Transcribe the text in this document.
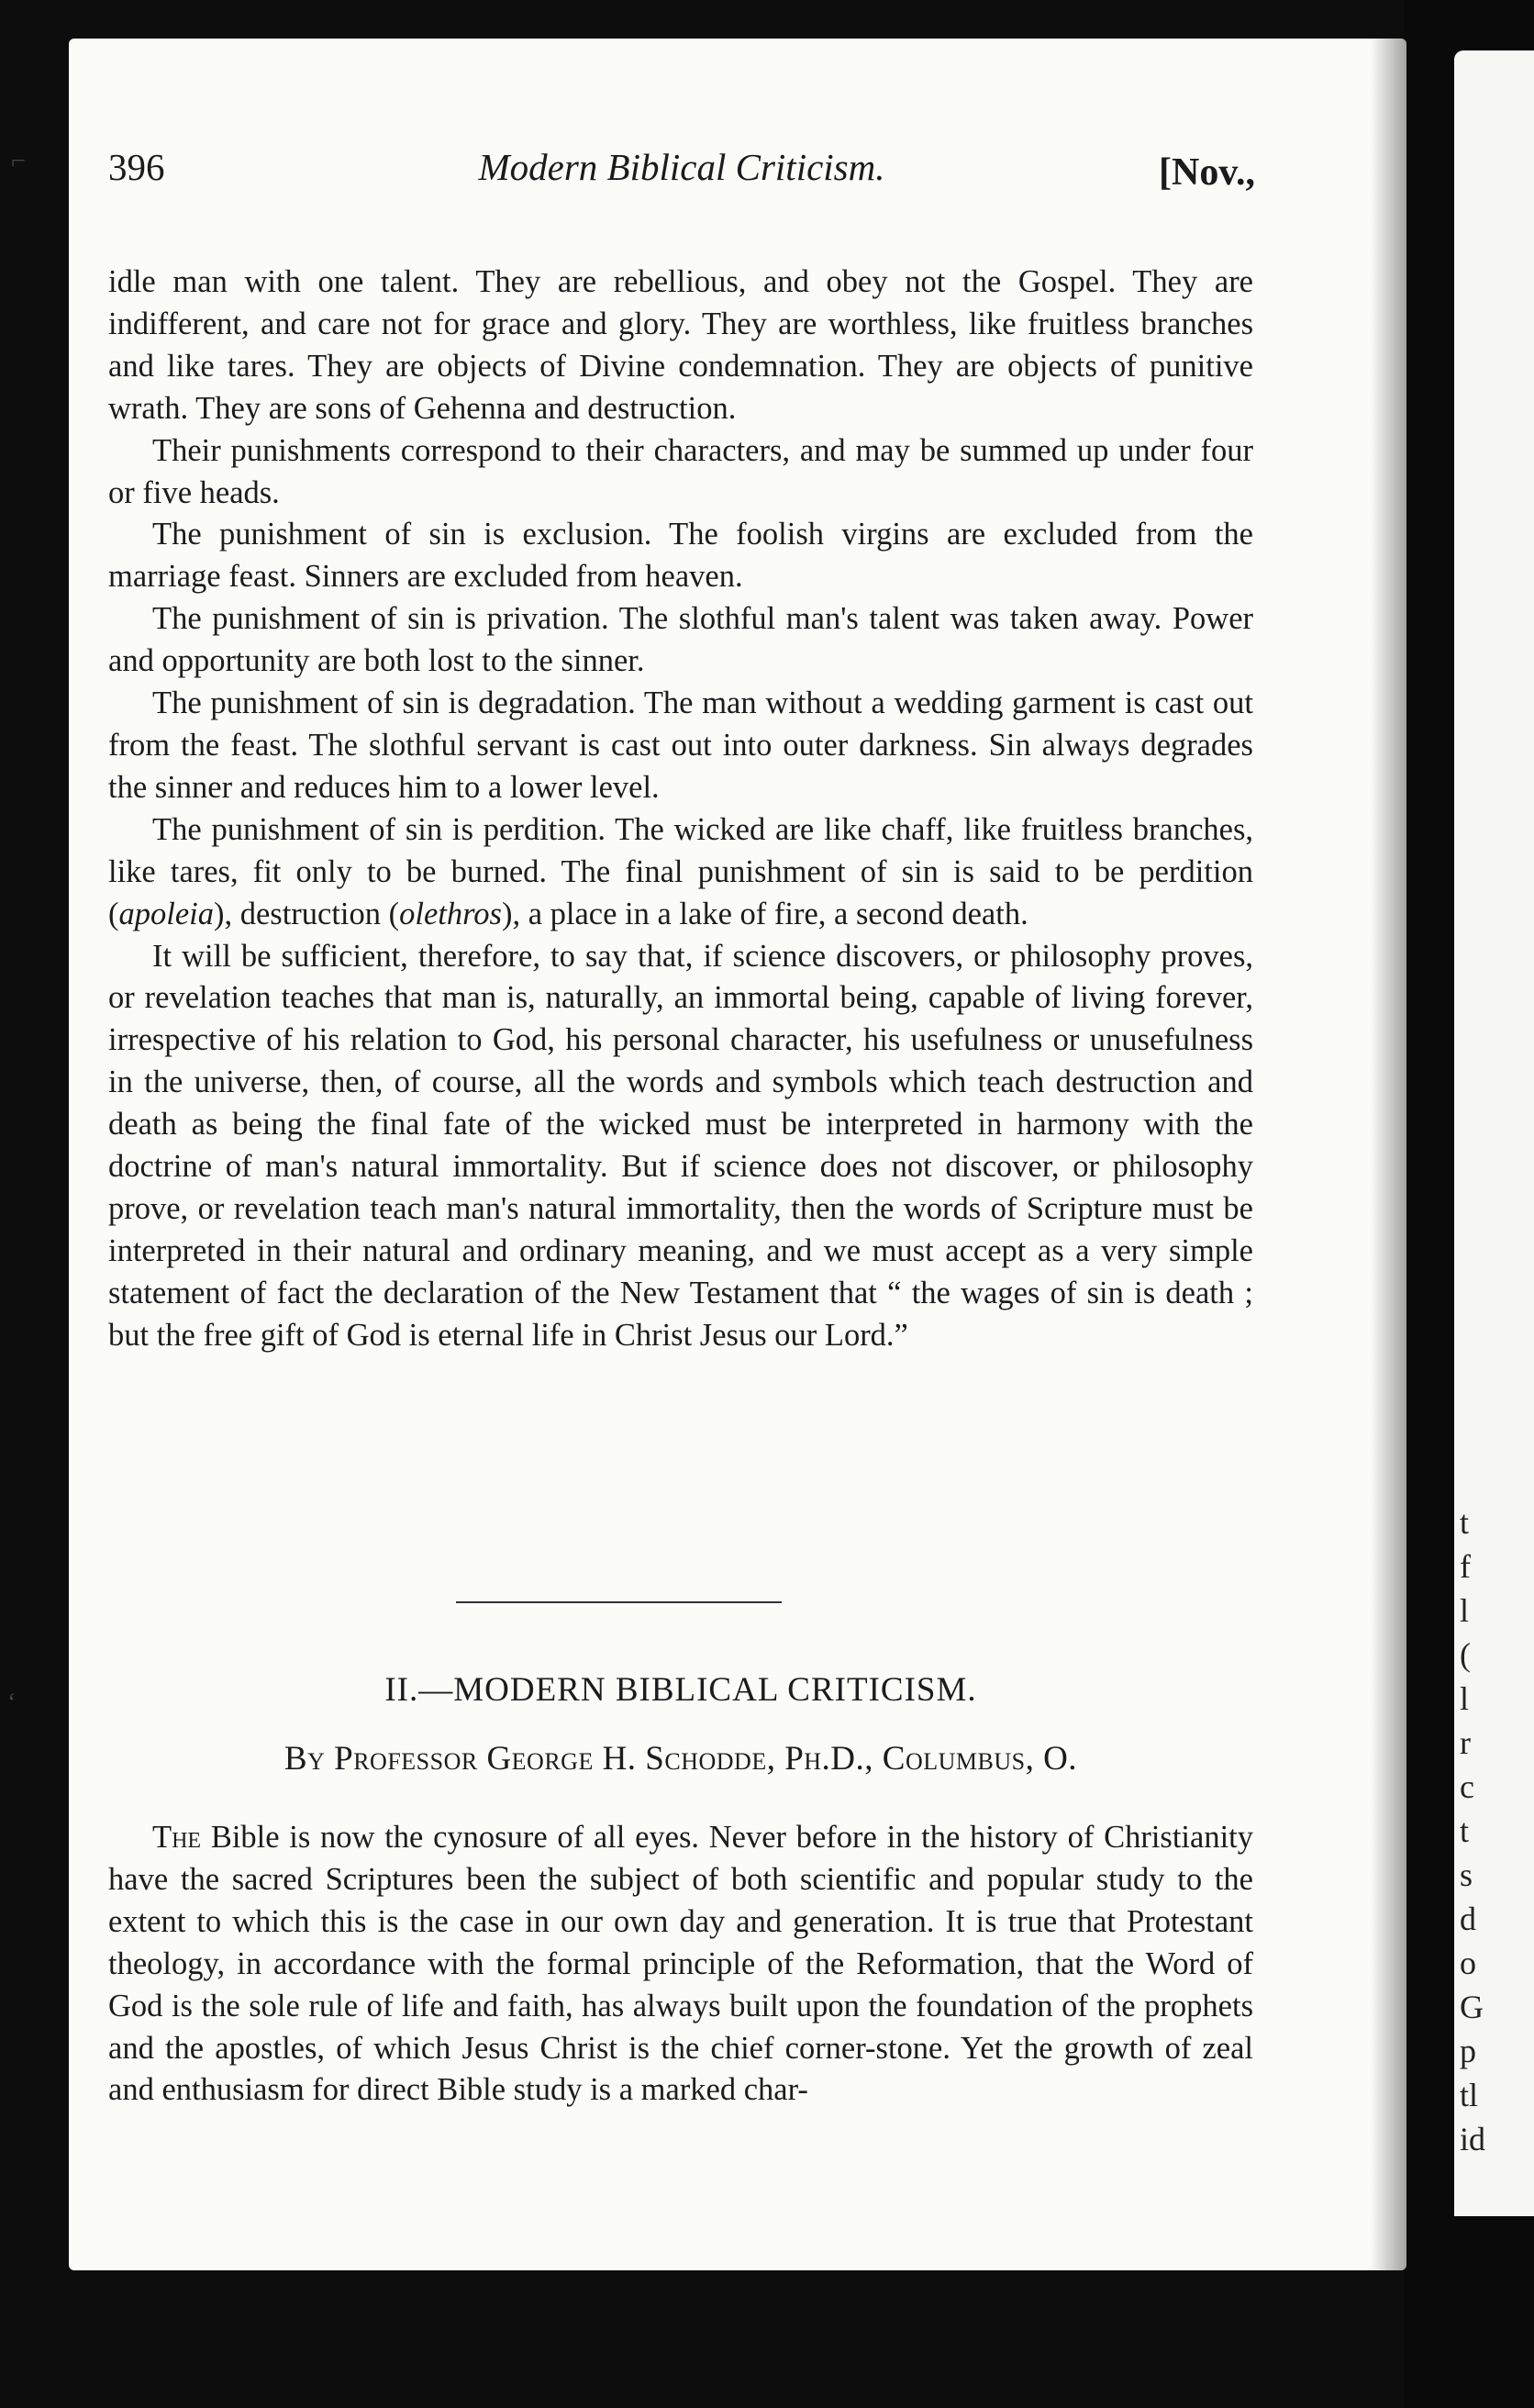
t
f
l
(
l
r
c
t
s
d
o
G
p
tl
id
⌐
ʻ
396	Modern Biblical Criticism.	[Nov.,

idle man with one talent. They are rebellious, and obey not the Gospel. They are indifferent, and care not for grace and glory. They are worthless, like fruitless branches and like tares. They are objects of Divine condemnation. They are objects of punitive wrath. They are sons of Gehenna and destruction.

Their punishments correspond to their characters, and may be summed up under four or five heads.

The punishment of sin is exclusion. The foolish virgins are excluded from the marriage feast. Sinners are excluded from heaven.

The punishment of sin is privation. The slothful man's talent was taken away. Power and opportunity are both lost to the sinner.

The punishment of sin is degradation. The man without a wedding garment is cast out from the feast. The slothful servant is cast out into outer darkness. Sin always degrades the sinner and reduces him to a lower level.

The punishment of sin is perdition. The wicked are like chaff, like fruitless branches, like tares, fit only to be burned. The final punishment of sin is said to be perdition (apoleia), destruction (olethros), a place in a lake of fire, a second death.

It will be sufficient, therefore, to say that, if science discovers, or philosophy proves, or revelation teaches that man is, naturally, an immortal being, capable of living forever, irrespective of his relation to God, his personal character, his usefulness or unusefulness in the universe, then, of course, all the words and symbols which teach destruction and death as being the final fate of the wicked must be interpreted in harmony with the doctrine of man's natural immortality. But if science does not discover, or philosophy prove, or revelation teach man's natural immortality, then the words of Scripture must be interpreted in their natural and ordinary meaning, and we must accept as a very simple statement of fact the declaration of the New Testament that “ the wages of sin is death ; but the free gift of God is eternal life in Christ Jesus our Lord.”

II.—MODERN BIBLICAL CRITICISM.
By Professor George H. Schodde, Ph.D., Columbus, O.

The Bible is now the cynosure of all eyes. Never before in the history of Christianity have the sacred Scriptures been the subject of both scientific and popular study to the extent to which this is the case in our own day and generation. It is true that Protestant theology, in accordance with the formal principle of the Reformation, that the Word of God is the sole rule of life and faith, has always built upon the foundation of the prophets and the apostles, of which Jesus Christ is the chief corner-stone. Yet the growth of zeal and enthusiasm for direct Bible study is a marked char-
